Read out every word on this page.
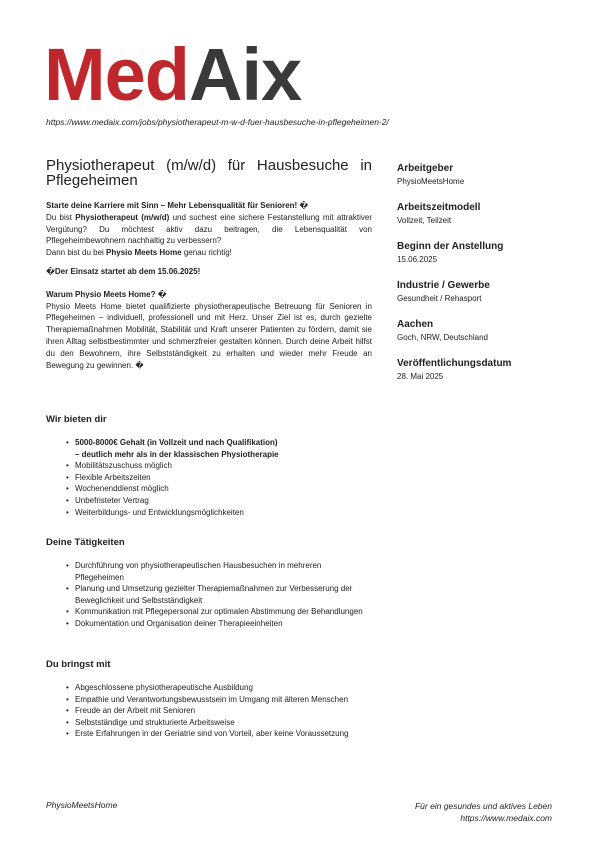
MedAix
https://www.medaix.com/jobs/physiotherapeut-m-w-d-fuer-hausbesuche-in-pflegeheimen-2/
Physiotherapeut (m/w/d) für Hausbesuche in Pflegeheimen

Starte deine Karriere mit Sinn – Mehr Lebensqualität für Senioren! �

Du bist Physiotherapeut (m/w/d) und suchest eine sichere Festanstellung mit attraktiver Vergütung? Du möchtest aktiv dazu beitragen, die Lebensqualität von Pflegeheimbewohnern nachhaltig zu verbessern?

Dann bist du bei Physio Meets Home genau richtig!

�Der Einsatz startet ab dem 15.06.2025!

Warum Physio Meets Home? �

Physio Meets Home bietet qualifizierte physiotherapeutische Betreuung für Senioren in Pflegeheimen – individuell, professionell und mit Herz. Unser Ziel ist es, durch gezielte Therapiemaßnahmen Mobilität, Stabilität und Kraft unserer Patienten zu fördern, damit sie ihren Alltag selbstbestimmter und schmerzfreier gestalten können. Durch deine Arbeit hilfst du den Bewohnern, ihre Selbstständigkeit zu erhalten und wieder mehr Freude an Bewegung zu gewinnen. �

Arbeitgeber

PhysioMeetsHome

Arbeitszeitmodell

Vollzeit, Teilzeit

Beginn der Anstellung

15.06.2025

Industrie / Gewerbe

Gesundheit / Rehasport

Aachen

Goch, NRW, Deutschland

Veröffentlichungsdatum

28. Mai 2025

Wir bieten dir
• 5000-8000€ Gehalt (in Vollzeit und nach Qualifikation)
– deutlich mehr als in der klassischen Physiotherapie
• Mobilitätszuschuss möglich
• Flexible Arbeitszeiten
• Wochenenddienst möglich
• Unbefristeter Vertrag
• Weiterbildungs- und Entwicklungsmöglichkeiten
Deine Tätigkeiten
• Durchführung von physiotherapeutischen Hausbesuchen in mehreren Pflegeheimen
• Planung und Umsetzung gezielter Therapiemaßnahmen zur Verbesserung der Beweglichkeit und Selbstständigkeit
• Kommunikation mit Pflegepersonal zur optimalen Abstimmung der Behandlungen
• Dokumentation und Organisation deiner Therapieeinheiten
Du bringst mit
• Abgeschlossene physiotherapeutische Ausbildung
• Empathie und Verantwortungsbewusstsein im Umgang mit älteren Menschen
• Freude an der Arbeit mit Senioren
• Selbstständige und strukturierte Arbeitsweise
• Erste Erfahrungen in der Geriatrie sind von Vorteil, aber keine Voraussetzung
PhysioMeetsHome	Für ein gesundes und aktives Leben
https://www.medaix.com
